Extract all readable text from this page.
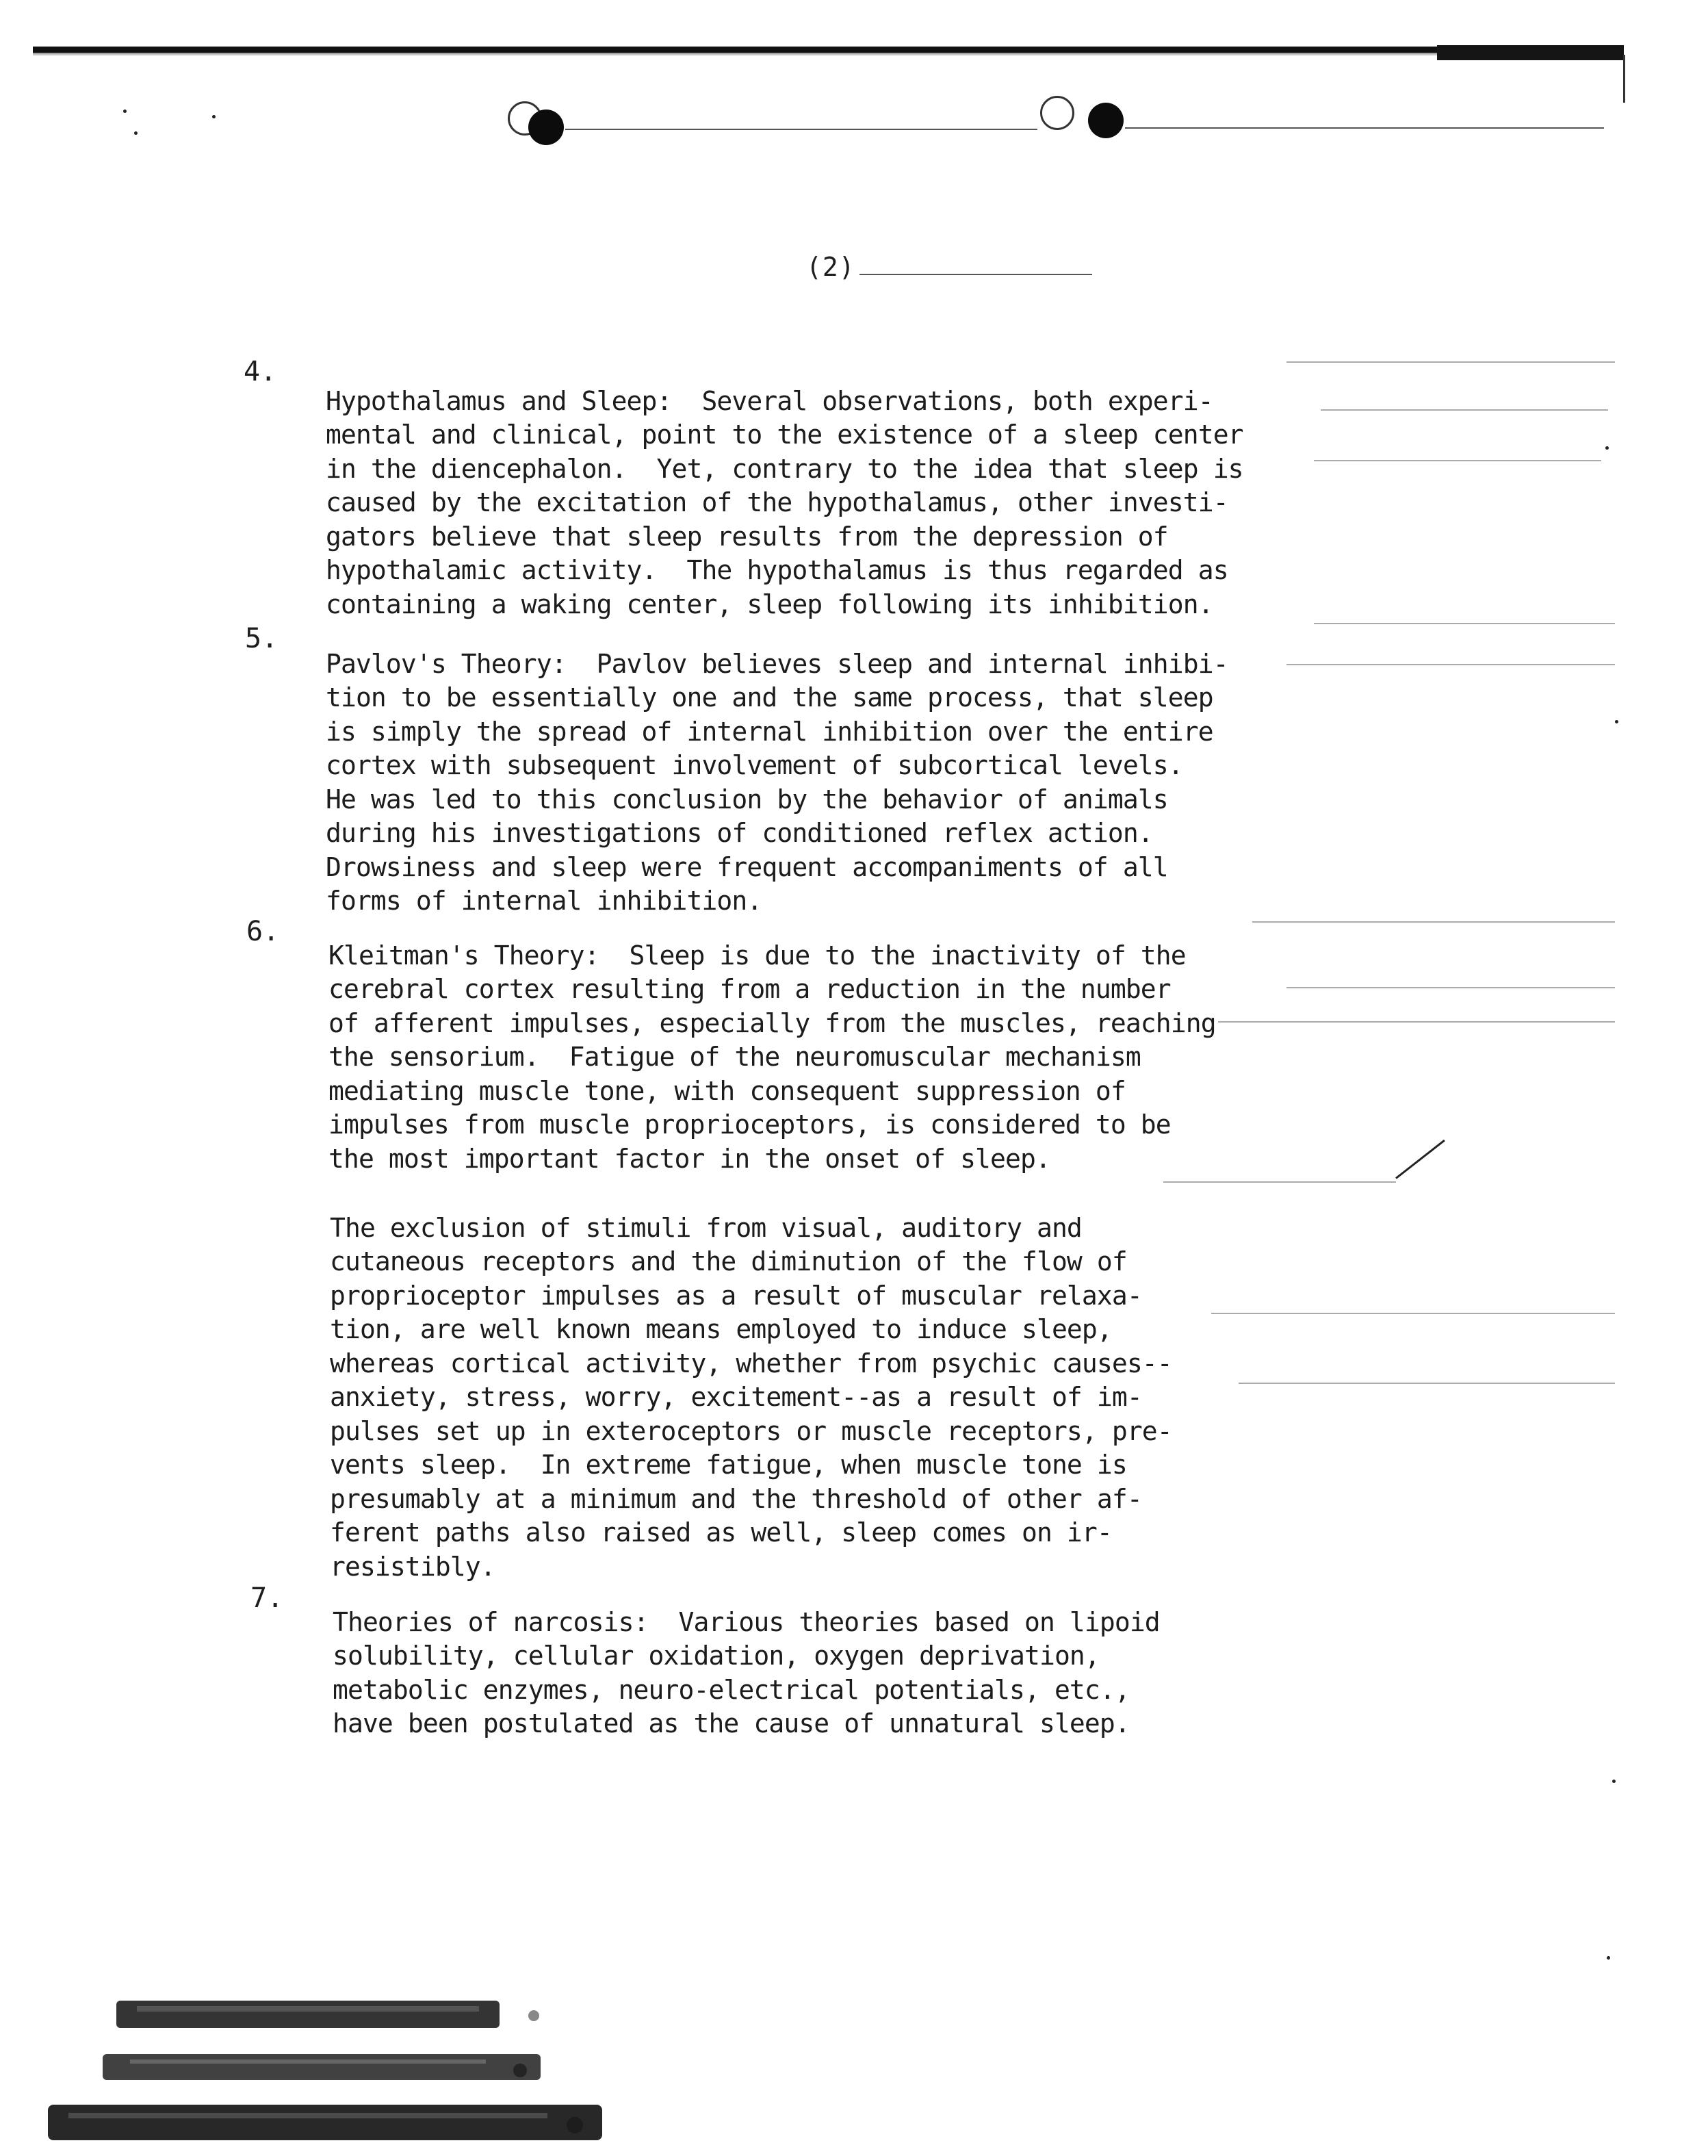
(2)
4.

Hypothalamus and Sleep:  Several observations, both experi-
mental and clinical, point to the existence of a sleep center
in the diencephalon.  Yet, contrary to the idea that sleep is
caused by the excitation of the hypothalamus, other investi-
gators believe that sleep results from the depression of
hypothalamic activity.  The hypothalamus is thus regarded as
containing a waking center, sleep following its inhibition.

5.

Pavlov's Theory:  Pavlov believes sleep and internal inhibi-
tion to be essentially one and the same process, that sleep
is simply the spread of internal inhibition over the entire
cortex with subsequent involvement of subcortical levels.
He was led to this conclusion by the behavior of animals
during his investigations of conditioned reflex action.
Drowsiness and sleep were frequent accompaniments of all
forms of internal inhibition.

6.

Kleitman's Theory:  Sleep is due to the inactivity of the
cerebral cortex resulting from a reduction in the number
of afferent impulses, especially from the muscles, reaching
the sensorium.  Fatigue of the neuromuscular mechanism
mediating muscle tone, with consequent suppression of
impulses from muscle proprioceptors, is considered to be
the most important factor in the onset of sleep.

The exclusion of stimuli from visual, auditory and
cutaneous receptors and the diminution of the flow of
proprioceptor impulses as a result of muscular relaxa-
tion, are well known means employed to induce sleep,
whereas cortical activity, whether from psychic causes--
anxiety, stress, worry, excitement--as a result of im-
pulses set up in exteroceptors or muscle receptors, pre-
vents sleep.  In extreme fatigue, when muscle tone is
presumably at a minimum and the threshold of other af-
ferent paths also raised as well, sleep comes on ir-
resistibly.

7.

Theories of narcosis:  Various theories based on lipoid
solubility, cellular oxidation, oxygen deprivation,
metabolic enzymes, neuro-electrical potentials, etc.,
have been postulated as the cause of unnatural sleep.
